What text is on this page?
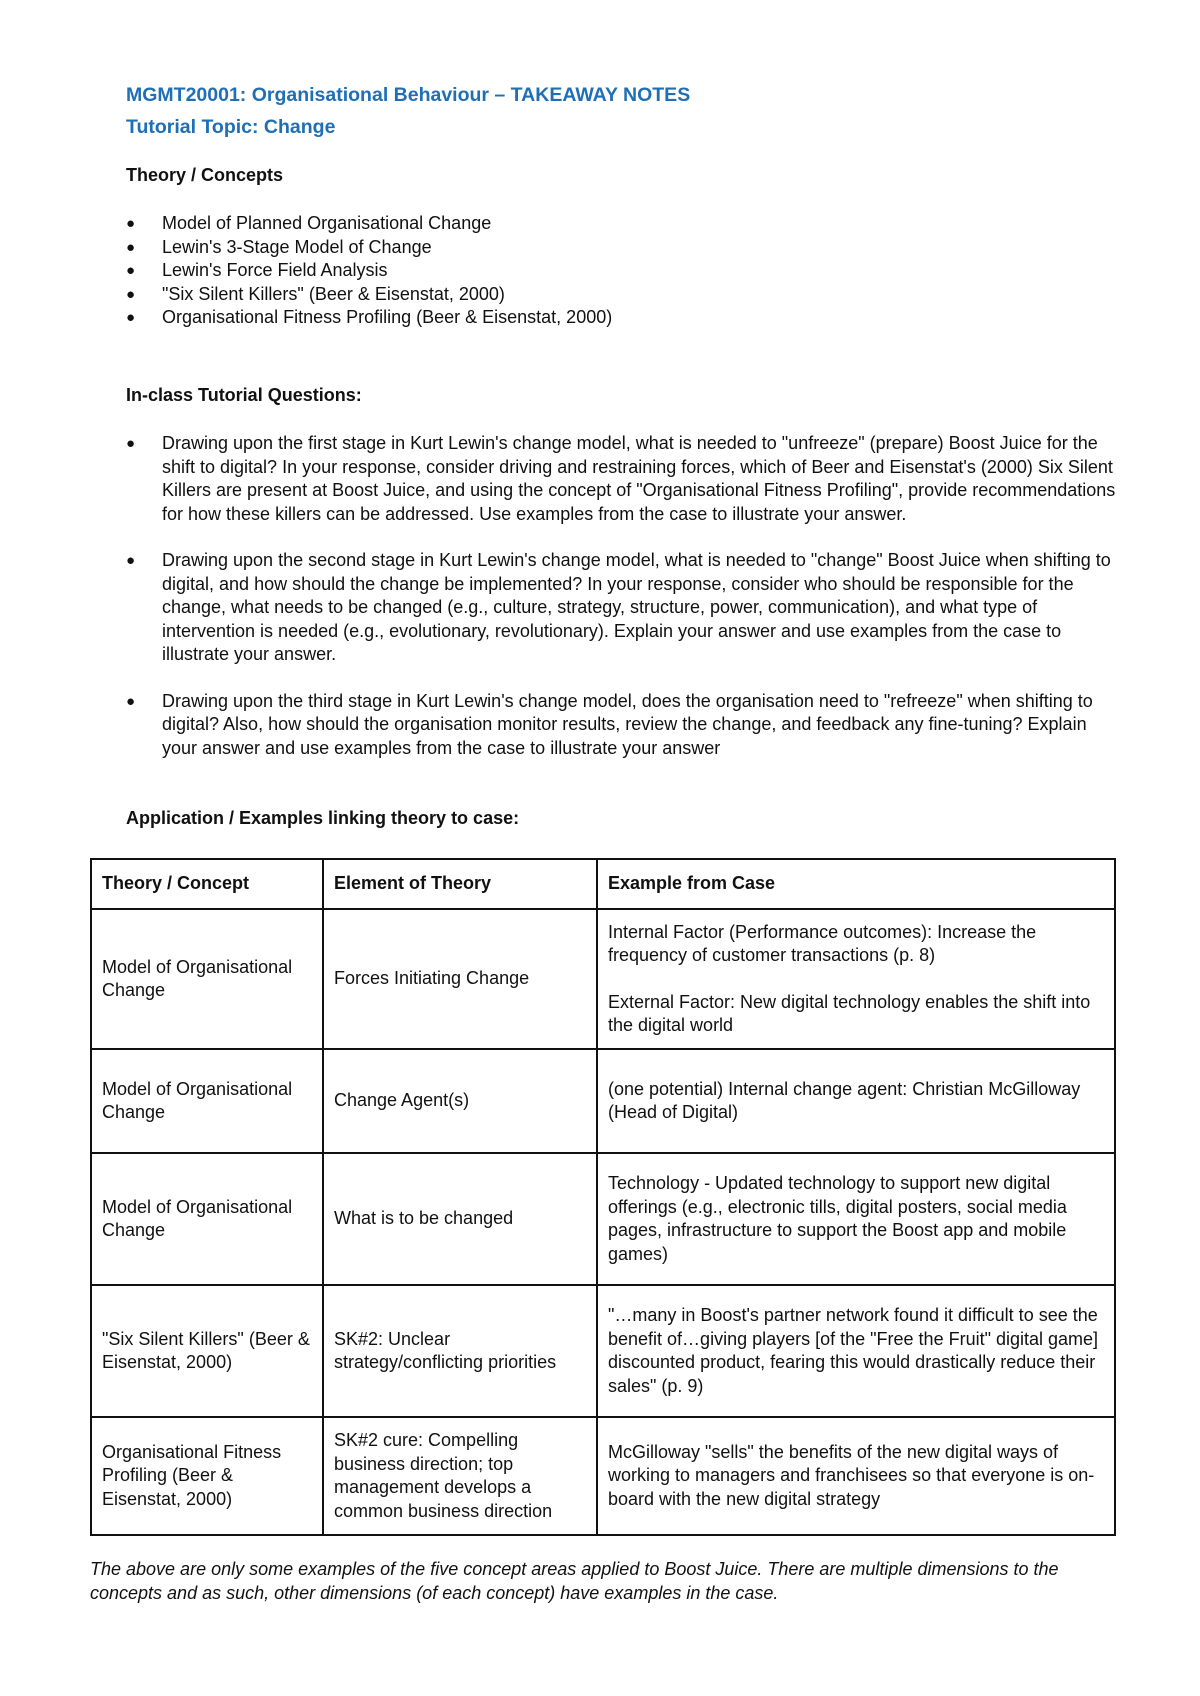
MGMT20001: Organisational Behaviour – TAKEAWAY NOTES
Tutorial Topic: Change
Theory / Concepts
●	Model of Planned Organisational Change
●	Lewin's 3-Stage Model of Change
●	Lewin's Force Field Analysis
●	"Six Silent Killers" (Beer & Eisenstat, 2000)
●	Organisational Fitness Profiling (Beer & Eisenstat, 2000)
In-class Tutorial Questions:
●	Drawing upon the first stage in Kurt Lewin's change model, what is needed to "unfreeze" (prepare) Boost Juice for the shift to digital? In your response, consider driving and restraining forces, which of Beer and Eisenstat's (2000) Six Silent Killers are present at Boost Juice, and using the concept of "Organisational Fitness Profiling", provide recommendations for how these killers can be addressed. Use examples from the case to illustrate your answer.
●	Drawing upon the second stage in Kurt Lewin's change model, what is needed to "change" Boost Juice when shifting to digital, and how should the change be implemented? In your response, consider who should be responsible for the change, what needs to be changed (e.g., culture, strategy, structure, power, communication), and what type of intervention is needed (e.g., evolutionary, revolutionary). Explain your answer and use examples from the case to illustrate your answer.
●	Drawing upon the third stage in Kurt Lewin's change model, does the organisation need to "refreeze" when shifting to digital? Also, how should the organisation monitor results, review the change, and feedback any fine-tuning? Explain your answer and use examples from the case to illustrate your answer
Application / Examples linking theory to case:
Theory / Concept	Element of Theory	Example from Case
Model of Organisational Change	Forces Initiating Change	Internal Factor (Performance outcomes): Increase the frequency of customer transactions (p. 8)

External Factor: New digital technology enables the shift into the digital world

Model of Organisational Change	Change Agent(s)	(one potential) Internal change agent: Christian McGilloway (Head of Digital)

Model of Organisational Change	What is to be changed	Technology - Updated technology to support new digital offerings (e.g., electronic tills, digital posters, social media pages, infrastructure to support the Boost app and mobile games)

"Six Silent Killers" (Beer & Eisenstat, 2000)	SK#2: Unclear strategy/conflicting priorities	"…many in Boost's partner network found it difficult to see the benefit of…giving players [of the "Free the Fruit" digital game] discounted product, fearing this would drastically reduce their sales" (p. 9)

Organisational Fitness Profiling (Beer & Eisenstat, 2000)	SK#2 cure: Compelling business direction; top management develops a common business direction	McGilloway "sells" the benefits of the new digital ways of working to managers and franchisees so that everyone is on-board with the new digital strategy

The above are only some examples of the five concept areas applied to Boost Juice. There are multiple dimensions to the concepts and as such, other dimensions (of each concept) have examples in the case.
